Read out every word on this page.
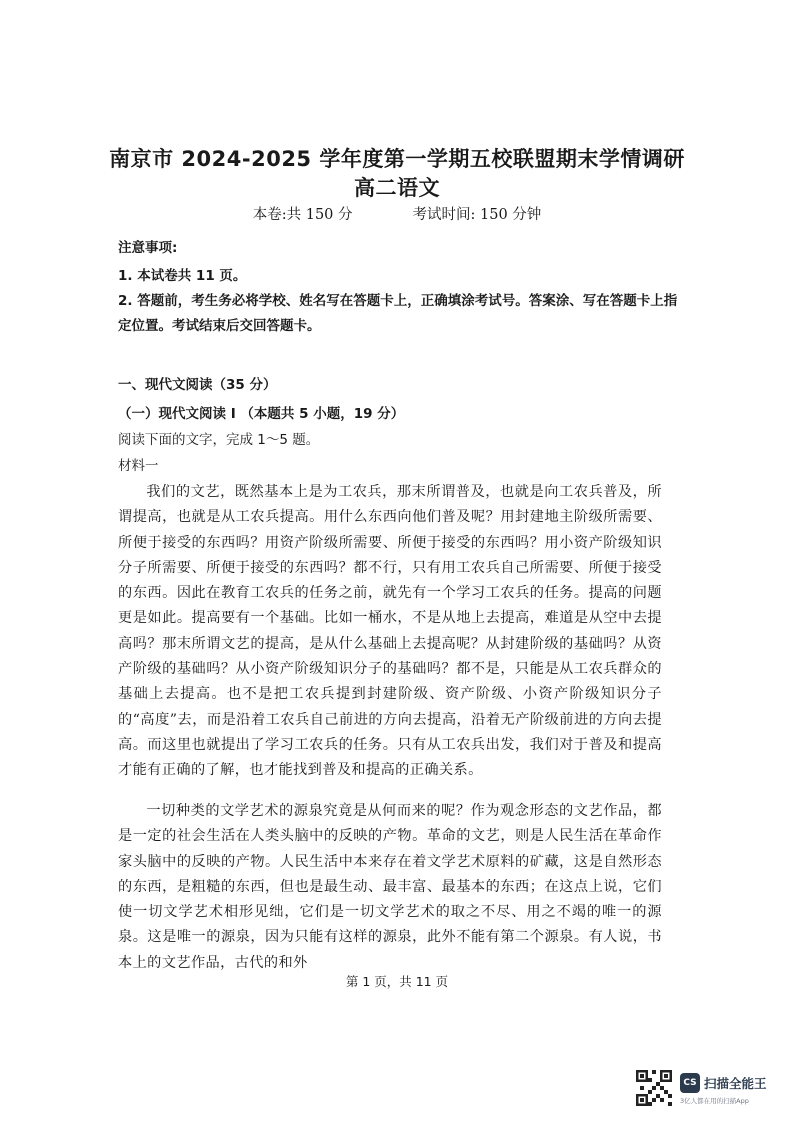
南京市 2024-2025 学年度第一学期五校联盟期末学情调研
高二语文
本卷:共 150 分	考试时间: 150 分钟
注意事项:
1. 本试卷共 11 页。
2. 答题前，考生务必将学校、姓名写在答题卡上，正确填涂考试号。答案涂、写在答题卡上指定位置。考试结束后交回答题卡。
一、现代文阅读（35 分）
（一）现代文阅读 I （本题共 5 小题，19 分）
阅读下面的文字，完成 1～5 题。
材料一

我们的文艺，既然基本上是为工农兵，那末所谓普及，也就是向工农兵普及，所谓提高，也就是从工农兵提高。用什么东西向他们普及呢？用封建地主阶级所需要、所便于接受的东西吗？用资产阶级所需要、所便于接受的东西吗？用小资产阶级知识分子所需要、所便于接受的东西吗？都不行，只有用工农兵自己所需要、所便于接受的东西。因此在教育工农兵的任务之前，就先有一个学习工农兵的任务。提高的问题更是如此。提高要有一个基础。比如一桶水，不是从地上去提高，难道是从空中去提高吗？那末所谓文艺的提高，是从什么基础上去提高呢？从封建阶级的基础吗？从资产阶级的基础吗？从小资产阶级知识分子的基础吗？都不是，只能是从工农兵群众的基础上去提高。也不是把工农兵提到封建阶级、资产阶级、小资产阶级知识分子的“高度”去，而是沿着工农兵自己前进的方向去提高，沿着无产阶级前进的方向去提高。而这里也就提出了学习工农兵的任务。只有从工农兵出发，我们对于普及和提高才能有正确的了解，也才能找到普及和提高的正确关系。

一切种类的文学艺术的源泉究竟是从何而来的呢？作为观念形态的文艺作品，都是一定的社会生活在人类头脑中的反映的产物。革命的文艺，则是人民生活在革命作家头脑中的反映的产物。人民生活中本来存在着文学艺术原料的矿藏，这是自然形态的东西，是粗糙的东西，但也是最生动、最丰富、最基本的东西；在这点上说，它们使一切文学艺术相形见绌，它们是一切文学艺术的取之不尽、用之不竭的唯一的源泉。这是唯一的源泉，因为只能有这样的源泉，此外不能有第二个源泉。有人说，书本上的文艺作品，古代的和外

第 1 页，共 11 页
CS 扫描全能王
3亿人都在用的扫描App
